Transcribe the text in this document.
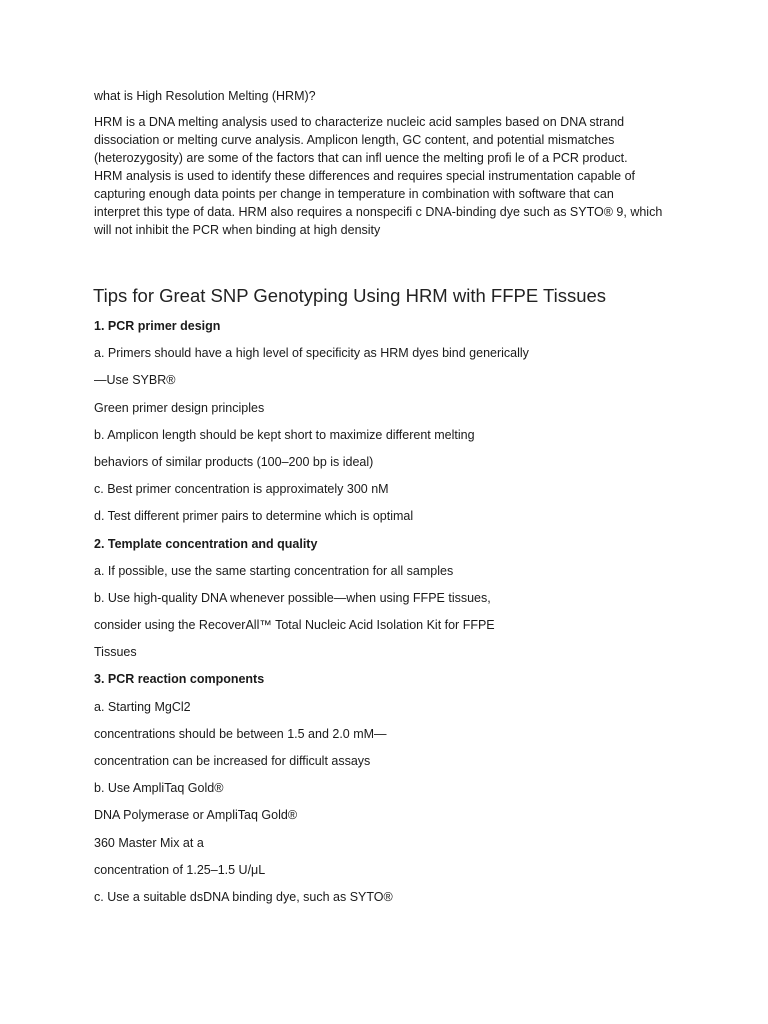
what is High Resolution Melting (HRM)?
HRM is a DNA melting analysis used to characterize nucleic acid samples based on DNA strand
dissociation or melting curve analysis. Amplicon length, GC content, and potential mismatches
(heterozygosity) are some of the factors that can infl uence the melting profi le of a PCR product.
HRM analysis is used to identify these differences and requires special instrumentation capable of
capturing enough data points per change in temperature in combination with software that can
interpret this type of data. HRM also requires a nonspecifi c DNA-binding dye such as SYTO® 9, which
will not inhibit the PCR when binding at high density
Tips for Great SNP Genotyping Using HRM with FFPE Tissues
1. PCR primer design
a. Primers should have a high level of specificity as HRM dyes bind generically
—Use SYBR®
Green primer design principles
b. Amplicon length should be kept short to maximize different melting
behaviors of similar products (100–200 bp is ideal)
c. Best primer concentration is approximately 300 nM
d. Test different primer pairs to determine which is optimal
2. Template concentration and quality
a. If possible, use the same starting concentration for all samples
b. Use high-quality DNA whenever possible—when using FFPE tissues,
consider using the RecoverAll™ Total Nucleic Acid Isolation Kit for FFPE
Tissues
3. PCR reaction components
a. Starting MgCl2
concentrations should be between 1.5 and 2.0 mM—
concentration can be increased for difficult assays
b. Use AmpliTaq Gold®
DNA Polymerase or AmpliTaq Gold®
360 Master Mix at a
concentration of 1.25–1.5 U/μL
c. Use a suitable dsDNA binding dye, such as SYTO®
